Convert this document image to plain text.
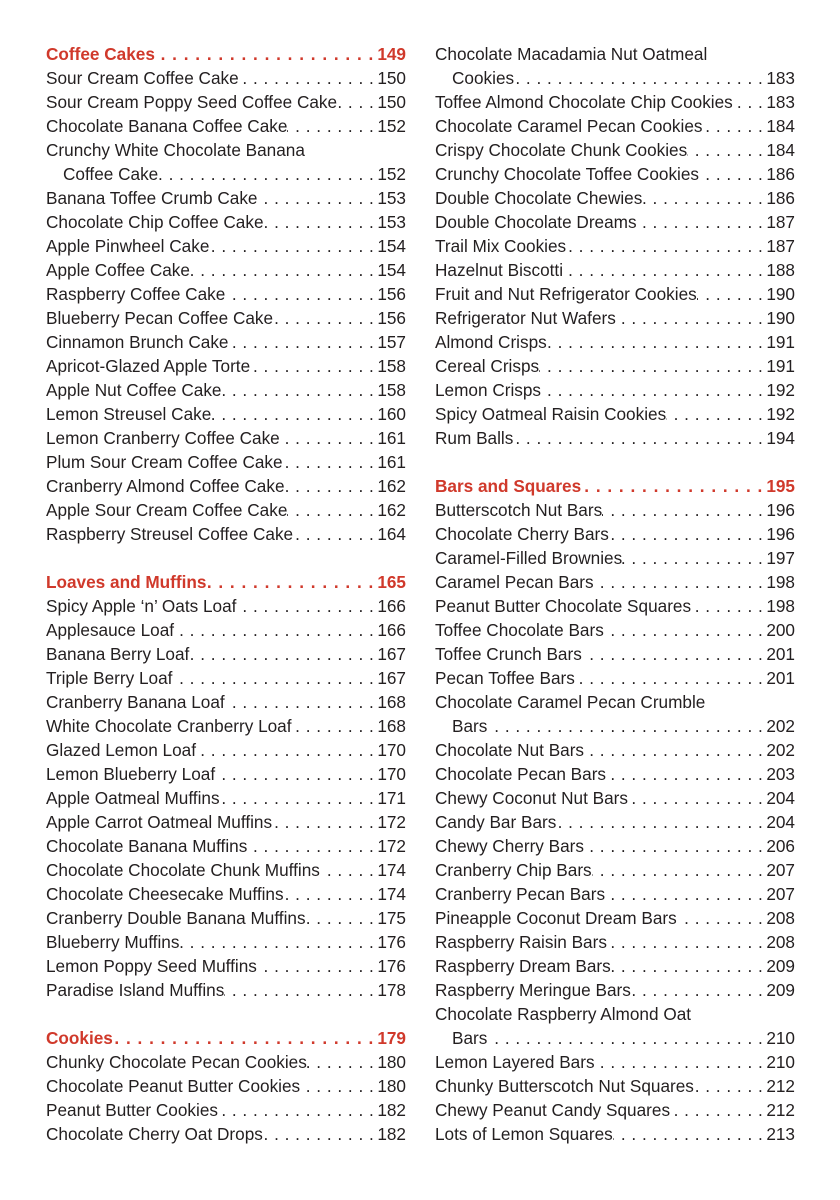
Coffee Cakes . . .	149
Sour Cream Coffee Cake . . .	150
Sour Cream Poppy Seed Coffee Cake . . . 150
Chocolate Banana Coffee Cake . . .	152
Crunchy White Chocolate Banana
Coffee Cake . . .	152
Banana Toffee Crumb Cake . . .	153
Chocolate Chip Coffee Cake . . .	153
Apple Pinwheel Cake . . .	154
Apple Coffee Cake . . .	154
Raspberry Coffee Cake . . .	156
Blueberry Pecan Coffee Cake . . .	156
Cinnamon Brunch Cake . . .	157
Apricot-Glazed Apple Torte . . .	158
Apple Nut Coffee Cake . . .	158
Lemon Streusel Cake . . .	160
Lemon Cranberry Coffee Cake . . .	161
Plum Sour Cream Coffee Cake . . .	161
Cranberry Almond Coffee Cake . . .	162
Apple Sour Cream Coffee Cake . . .	162
Raspberry Streusel Coffee Cake . . .	164
Loaves and Muffins . . .	165
Spicy Apple ‘n’ Oats Loaf . . .	166
Applesauce Loaf . . .	166
Banana Berry Loaf . . .	167
Triple Berry Loaf . . .	167
Cranberry Banana Loaf . . .	168
White Chocolate Cranberry Loaf . . .	168
Glazed Lemon Loaf . . .	170
Lemon Blueberry Loaf . . .	170
Apple Oatmeal Muffins . . .	171
Apple Carrot Oatmeal Muffins . . .	172
Chocolate Banana Muffins . . .	172
Chocolate Chocolate Chunk Muffins . . .	174
Chocolate Cheesecake Muffins . . .	174
Cranberry Double Banana Muffins . . .	175
Blueberry Muffins . . .	176
Lemon Poppy Seed Muffins . . .	176
Paradise Island Muffins . . .	178
Cookies . . .	179
Chunky Chocolate Pecan Cookies . . .	180
Chocolate Peanut Butter Cookies . . .	180
Peanut Butter Cookies . . .	182
Chocolate Cherry Oat Drops . . .	182
Chocolate Macadamia Nut Oatmeal
Cookies . . .	183
Toffee Almond Chocolate Chip Cookies . . . 183
Chocolate Caramel Pecan Cookies . . .	184
Crispy Chocolate Chunk Cookies . . .	184
Crunchy Chocolate Toffee Cookies . . .	186
Double Chocolate Chewies . . .	186
Double Chocolate Dreams . . .	187
Trail Mix Cookies . . .	187
Hazelnut Biscotti . . .	188
Fruit and Nut Refrigerator Cookies . . .	190
Refrigerator Nut Wafers . . .	190
Almond Crisps . . .	191
Cereal Crisps . . .	191
Lemon Crisps . . .	192
Spicy Oatmeal Raisin Cookies . . .	192
Rum Balls . . .	194
Bars and Squares . . .	195
Butterscotch Nut Bars . . .	196
Chocolate Cherry Bars . . .	196
Caramel-Filled Brownies . . .	197
Caramel Pecan Bars . . .	198
Peanut Butter Chocolate Squares . . .	198
Toffee Chocolate Bars . . .	200
Toffee Crunch Bars . . .	201
Pecan Toffee Bars . . .	201
Chocolate Caramel Pecan Crumble
Bars . . .	202
Chocolate Nut Bars . . .	202
Chocolate Pecan Bars . . .	203
Chewy Coconut Nut Bars . . .	204
Candy Bar Bars . . .	204
Chewy Cherry Bars . . .	206
Cranberry Chip Bars . . .	207
Cranberry Pecan Bars . . .	207
Pineapple Coconut Dream Bars . . .	208
Raspberry Raisin Bars . . .	208
Raspberry Dream Bars . . .	209
Raspberry Meringue Bars . . .	209
Chocolate Raspberry Almond Oat
Bars . . .	210
Lemon Layered Bars . . .	210
Chunky Butterscotch Nut Squares . . .	212
Chewy Peanut Candy Squares . . .	212
Lots of Lemon Squares . . .	213
